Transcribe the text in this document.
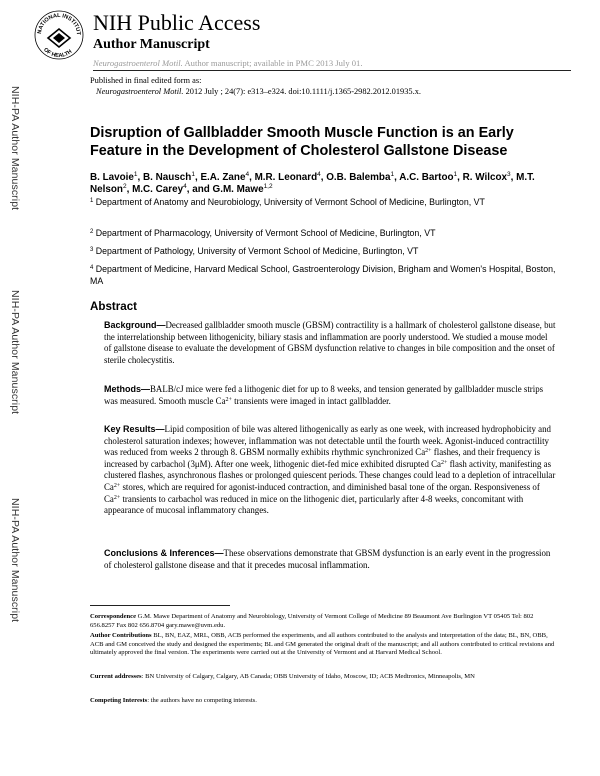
NATIONAL INSTITUT
OF HEALTH
NIH Public Access
Author Manuscript
Neurogastroenterol Motil. Author manuscript; available in PMC 2013 July 01.
Published in final edited form as:
Neurogastroenterol Motil. 2012 July ; 24(7): e313–e324. doi:10.1111/j.1365-2982.2012.01935.x.
NIH-PA Author Manuscript
NIH-PA Author Manuscript
NIH-PA Author Manuscript
Disruption of Gallbladder Smooth Muscle Function is an Early Feature in the Development of Cholesterol Gallstone Disease
B. Lavoie$^1$, B. Nausch$^1$, E.A. Zane$^4$, M.R. Leonard$^4$, O.B. Balemba$^1$, A.C. Bartoo$^1$, R. Wilcox$^3$, M.T. Nelson$^2$, M.C. Carey$^4$, and G.M. Mawe$^{1,2}$
$^1$ Department of Anatomy and Neurobiology, University of Vermont School of Medicine, Burlington, VT
$^2$ Department of Pharmacology, University of Vermont School of Medicine, Burlington, VT
$^3$ Department of Pathology, University of Vermont School of Medicine, Burlington, VT
$^4$ Department of Medicine, Harvard Medical School, Gastroenterology Division, Brigham and Women's Hospital, Boston, MA
Abstract
Background—Decreased gallbladder smooth muscle (GBSM) contractility is a hallmark of cholesterol gallstone disease, but the interrelationship between lithogenicity, biliary stasis and inflammation are poorly understood. We studied a mouse model of gallstone disease to evaluate the development of GBSM dysfunction relative to changes in bile composition and the onset of sterile cholecystitis.
Methods—BALB/cJ mice were fed a lithogenic diet for up to 8 weeks, and tension generated by gallbladder muscle strips was measured. Smooth muscle $Ca^{2+}$ transients were imaged in intact gallbladder.
Key Results—Lipid composition of bile was altered lithogenically as early as one week, with increased hydrophobicity and cholesterol saturation indexes; however, inflammation was not detectable until the fourth week. Agonist-induced contractility was reduced from weeks 2 through 8. GBSM normally exhibits rhythmic synchronized $Ca^{2+}$ flashes, and their frequency is increased by carbachol (3μM). After one week, lithogenic diet-fed mice exhibited disrupted $Ca^{2+}$ flash activity, manifesting as clustered flashes, asynchronous flashes or prolonged quiescent periods. These changes could lead to a depletion of intracellular $Ca^{2+}$ stores, which are required for agonist-induced contraction, and diminished basal tone of the organ. Responsiveness of $Ca^{2+}$ transients to carbachol was reduced in mice on the lithogenic diet, particularly after 4-8 weeks, concomitant with appearance of mucosal inflammatory changes.
Conclusions & Inferences—These observations demonstrate that GBSM dysfunction is an early event in the progression of cholesterol gallstone disease and that it precedes mucosal inflammation.
Correspondence G.M. Mawe Department of Anatomy and Neurobiology, University of Vermont College of Medicine 89 Beaumont Ave Burlington VT 05405 Tel: 802 656.8257 Fax 802 656.8704 gary.mawe@uvm.edu.
Author Contributions BL, BN, EAZ, MRL, OBB, ACB performed the experiments, and all authors contributed to the analysis and interpretation of the data; BL, BN, OBB, ACB and GM conceived the study and designed the experiments; BL and GM generated the original draft of the manuscript; and all authors contributed to critical revisions and ultimately approved the final version. The experiments were carried out at the University of Vermont and at Harvard Medical School.
Current addresses: BN University of Calgary, Calgary, AB Canada; OBB University of Idaho, Moscow, ID; ACB Medtronics, Minneapolis, MN
Competing Interests: the authors have no competing interests.
